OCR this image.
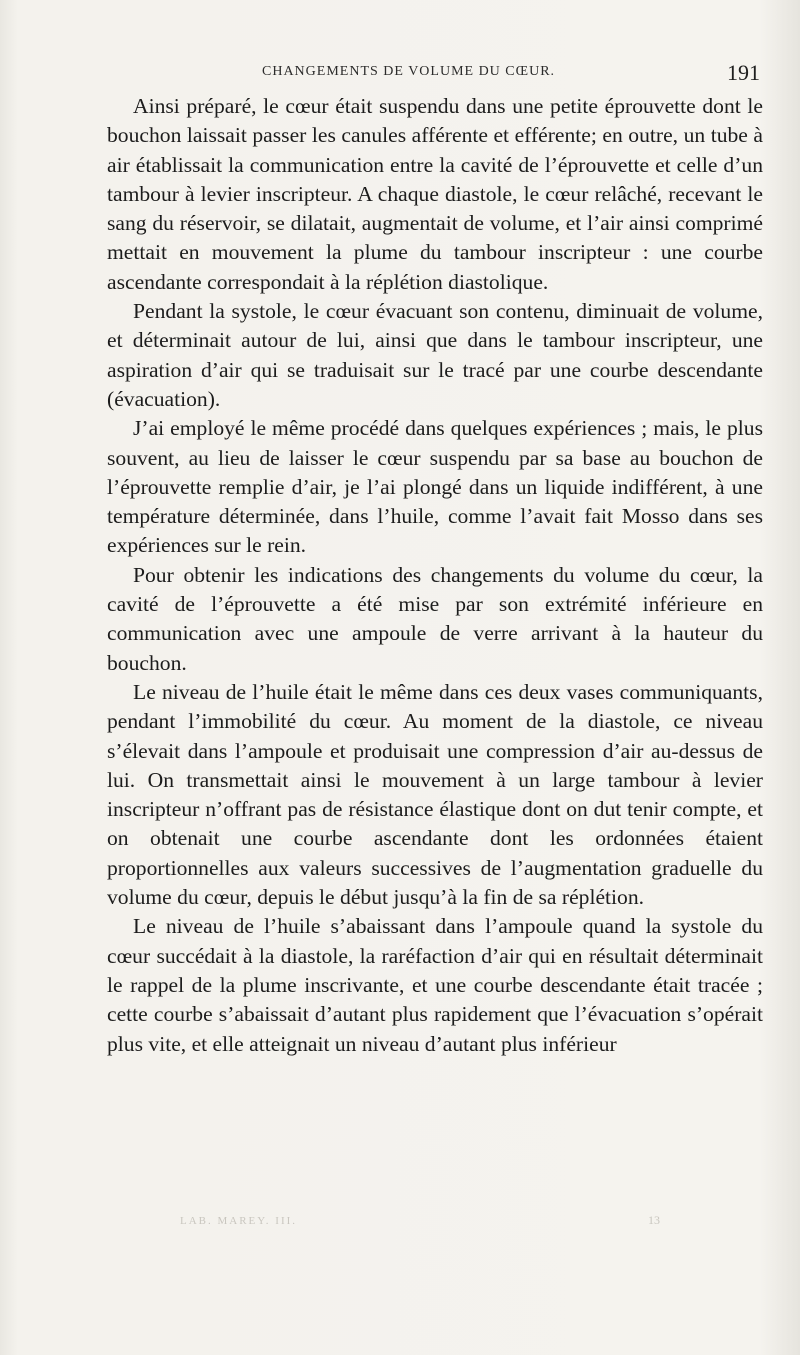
CHANGEMENTS DE VOLUME DU CŒUR.	191

Ainsi préparé, le cœur était suspendu dans une petite éprouvette dont le bouchon laissait passer les canules afférente et efférente; en outre, un tube à air établissait la communication entre la cavité de l’éprouvette et celle d’un tambour à levier inscripteur. A chaque diastole, le cœur relâché, recevant le sang du réservoir, se dilatait, augmentait de volume, et l’air ainsi comprimé mettait en mouvement la plume du tambour inscripteur : une courbe ascendante correspondait à la réplétion diastolique.

Pendant la systole, le cœur évacuant son contenu, diminuait de volume, et déterminait autour de lui, ainsi que dans le tambour inscripteur, une aspiration d’air qui se traduisait sur le tracé par une courbe descendante (évacuation).

J’ai employé le même procédé dans quelques expériences ; mais, le plus souvent, au lieu de laisser le cœur suspendu par sa base au bouchon de l’éprouvette remplie d’air, je l’ai plongé dans un liquide indifférent, à une température déterminée, dans l’huile, comme l’avait fait Mosso dans ses expériences sur le rein.

Pour obtenir les indications des changements du volume du cœur, la cavité de l’éprouvette a été mise par son extrémité inférieure en communication avec une ampoule de verre arrivant à la hauteur du bouchon.

Le niveau de l’huile était le même dans ces deux vases communiquants, pendant l’immobilité du cœur. Au moment de la diastole, ce niveau s’élevait dans l’ampoule et produisait une compression d’air au-dessus de lui. On transmettait ainsi le mouvement à un large tambour à levier inscripteur n’offrant pas de résistance élastique dont on dut tenir compte, et on obtenait une courbe ascendante dont les ordonnées étaient proportionnelles aux valeurs successives de l’augmentation graduelle du volume du cœur, depuis le début jusqu’à la fin de sa réplétion.

Le niveau de l’huile s’abaissant dans l’ampoule quand la systole du cœur succédait à la diastole, la raréfaction d’air qui en résultait déterminait le rappel de la plume inscrivante, et une courbe descendante était tracée ; cette courbe s’abaissait d’autant plus rapidement que l’évacuation s’opérait plus vite, et elle atteignait un niveau d’autant plus inférieur

LAB. MAREY. III.	13
